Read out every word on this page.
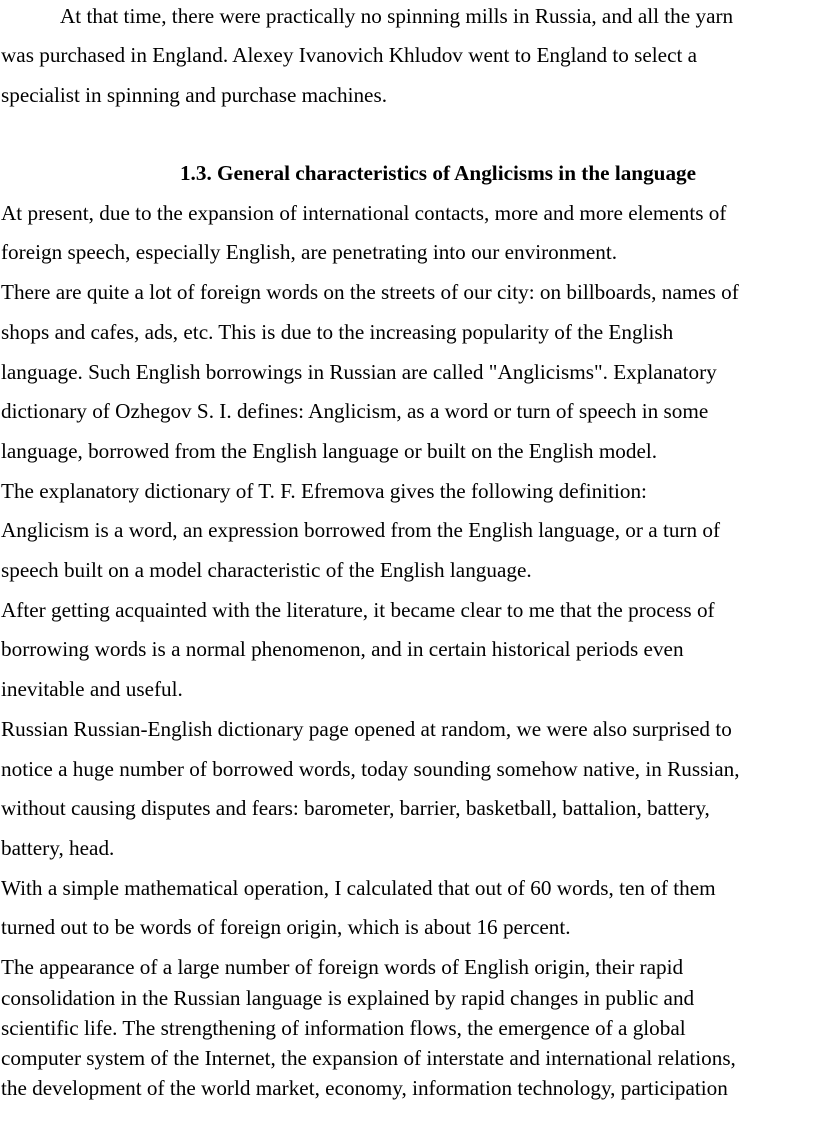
At that time, there were practically no spinning mills in Russia, and all the yarn
was purchased in England. Alexey Ivanovich Khludov went to England to select a
specialist in spinning and purchase machines.
1.3. General characteristics of Anglicisms in the language
At present, due to the expansion of international contacts, more and more elements of
foreign speech, especially English, are penetrating into our environment.
There are quite a lot of foreign words on the streets of our city: on billboards, names of
shops and cafes, ads, etc. This is due to the increasing popularity of the English
language. Such English borrowings in Russian are called "Anglicisms". Explanatory
dictionary of Ozhegov S. I. defines: Anglicism, as a word or turn of speech in some
language, borrowed from the English language or built on the English model.
The explanatory dictionary of T. F. Efremova gives the following definition:
Anglicism is a word, an expression borrowed from the English language, or a turn of
speech built on a model characteristic of the English language.
After getting acquainted with the literature, it became clear to me that the process of
borrowing words is a normal phenomenon, and in certain historical periods even
inevitable and useful.
Russian Russian-English dictionary page opened at random, we were also surprised to
notice a huge number of borrowed words, today sounding somehow native, in Russian,
without causing disputes and fears: barometer, barrier, basketball, battalion, battery,
battery, head.
With a simple mathematical operation, I calculated that out of 60 words, ten of them
turned out to be words of foreign origin, which is about 16 percent.
The appearance of a large number of foreign words of English origin, their rapid
consolidation in the Russian language is explained by rapid changes in public and
scientific life. The strengthening of information flows, the emergence of a global
computer system of the Internet, the expansion of interstate and international relations,
the development of the world market, economy, information technology, participation
